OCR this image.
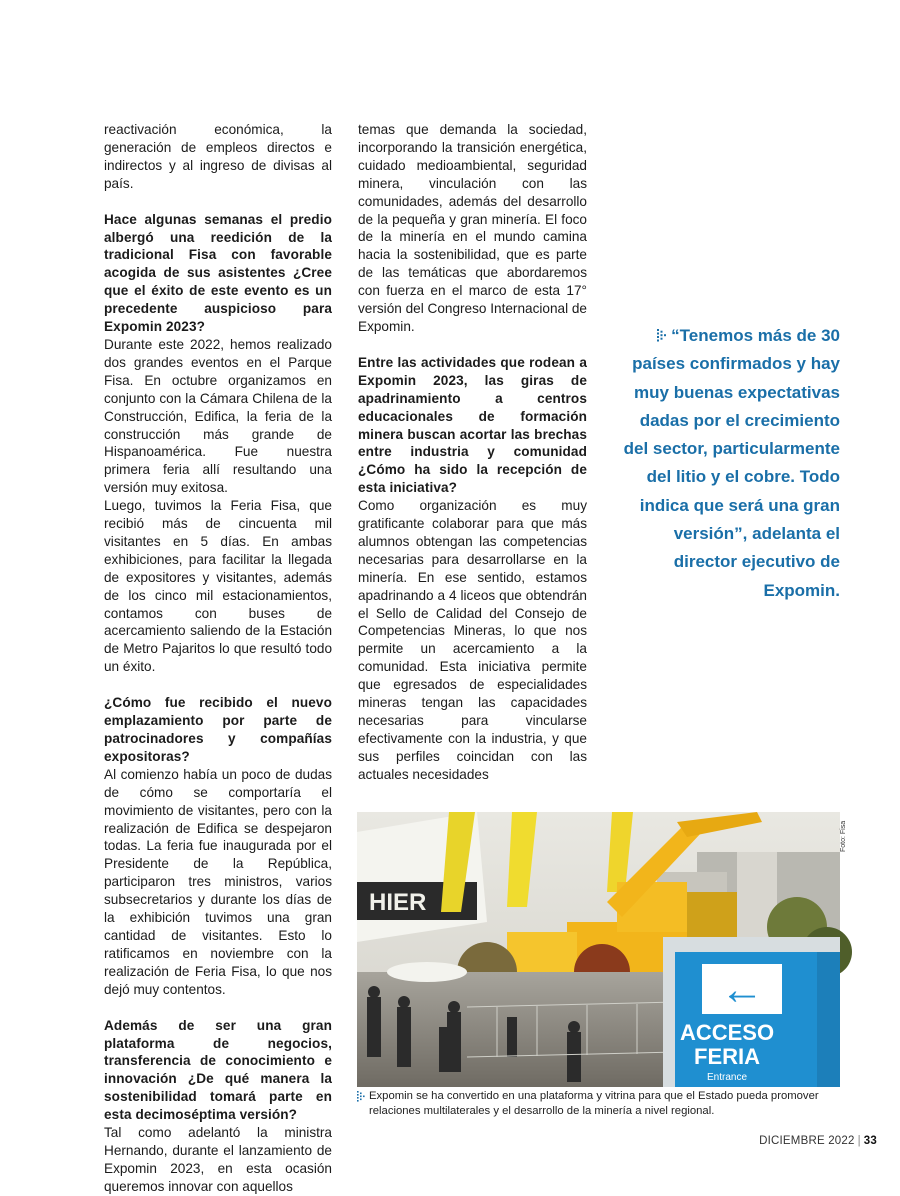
reactivación económica, la generación de empleos directos e indirectos y al ingreso de divisas al país.

Hace algunas semanas el predio albergó una reedición de la tradicional Fisa con favorable acogida de sus asistentes ¿Cree que el éxito de este evento es un precedente auspicioso para Expomin 2023?

Durante este 2022, hemos realizado dos grandes eventos en el Parque Fisa. En octubre organizamos en conjunto con la Cámara Chilena de la Construcción, Edifica, la feria de la construcción más grande de Hispanoamérica. Fue nuestra primera feria allí resultando una versión muy exitosa.

Luego, tuvimos la Feria Fisa, que recibió más de cincuenta mil visitantes en 5 días. En ambas exhibiciones, para facilitar la llegada de expositores y visitantes, además de los cinco mil estacionamientos, contamos con buses de acercamiento saliendo de la Estación de Metro Pajaritos lo que resultó todo un éxito.

¿Cómo fue recibido el nuevo emplazamiento por parte de patrocinadores y compañías expositoras?

Al comienzo había un poco de dudas de cómo se comportaría el movimiento de visitantes, pero con la realización de Edifica se despejaron todas. La feria fue inaugurada por el Presidente de la República, participaron tres ministros, varios subsecretarios y durante los días de la exhibición tuvimos una gran cantidad de visitantes. Esto lo ratificamos en noviembre con la realización de Feria Fisa, lo que nos dejó muy contentos.

Además de ser una gran plataforma de negocios, transferencia de conocimiento e innovación ¿De qué manera la sostenibilidad tomará parte en esta decimoséptima versión?

Tal como adelantó la ministra Hernando, durante el lanzamiento de Expomin 2023, en esta ocasión queremos innovar con aquellos

temas que demanda la sociedad, incorporando la transición energética, cuidado medioambiental, seguridad minera, vinculación con las comunidades, además del desarrollo de la pequeña y gran minería. El foco de la minería en el mundo camina hacia la sostenibilidad, que es parte de las temáticas que abordaremos con fuerza en el marco de esta 17° versión del Congreso Internacional de Expomin.

Entre las actividades que rodean a Expomin 2023, las giras de apadrinamiento a centros educacionales de formación minera buscan acortar las brechas entre industria y comunidad ¿Cómo ha sido la recepción de esta iniciativa?

Como organización es muy gratificante colaborar para que más alumnos obtengan las competencias necesarias para desarrollarse en la minería. En ese sentido, estamos apadrinando a 4 liceos que obtendrán el Sello de Calidad del Consejo de Competencias Mineras, lo que nos permite un acercamiento a la comunidad. Esta iniciativa permite que egresados de especialidades mineras tengan las capacidades necesarias para vincularse efectivamente con la industria, y que sus perfiles coincidan con las actuales necesidades

“Tenemos más de 30 países confirmados y hay muy buenas expectativas dadas por el crecimiento del sector, particularmente del litio y el cobre. Todo indica que será una gran versión”, adelanta el director ejecutivo de Expomin.
HIER
←
ACCESO
FERIA
Entrance
Foto: Fisa
Expomin se ha convertido en una plataforma y vitrina para que el Estado pueda promover relaciones multilaterales y el desarrollo de la minería a nivel regional.
DICIEMBRE 2022 | 33
